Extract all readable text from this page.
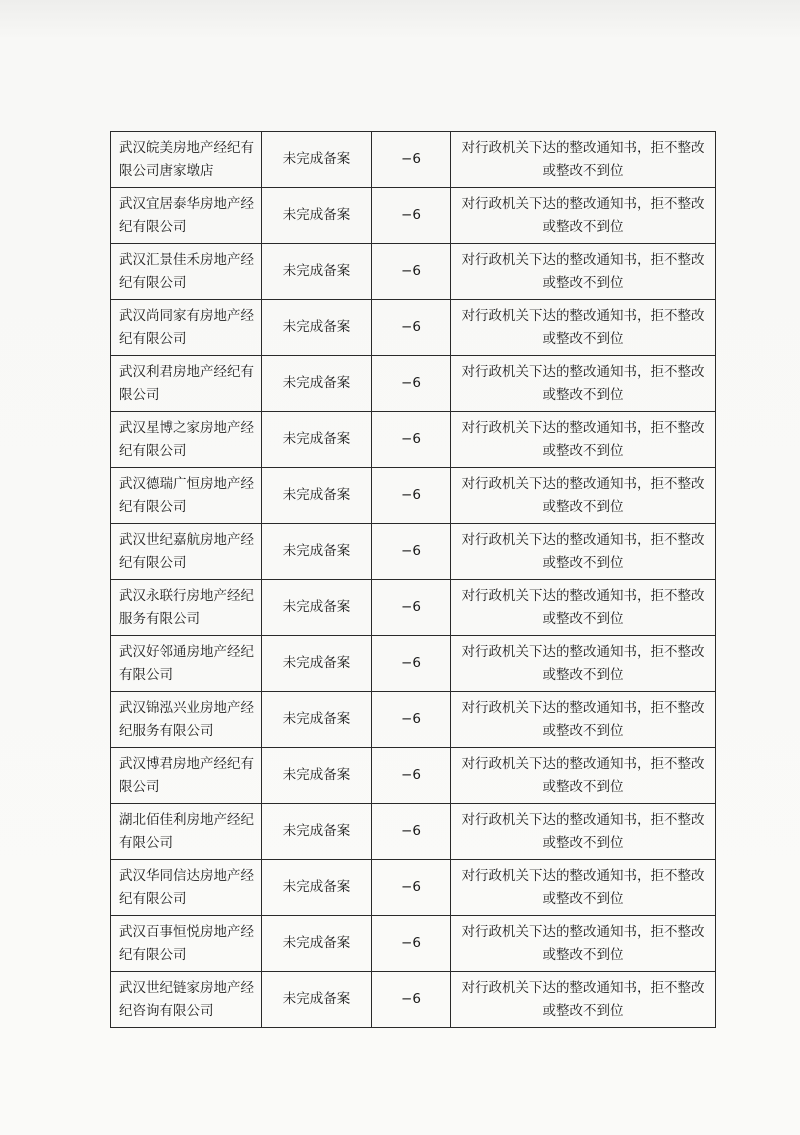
武汉皖美房地产经纪有限公司唐家墩店	未完成备案	−6	对行政机关下达的整改通知书，拒不整改或整改不到位
武汉宜居泰华房地产经纪有限公司	未完成备案	−6	对行政机关下达的整改通知书，拒不整改或整改不到位
武汉汇景佳禾房地产经纪有限公司	未完成备案	−6	对行政机关下达的整改通知书，拒不整改或整改不到位
武汉尚同家有房地产经纪有限公司	未完成备案	−6	对行政机关下达的整改通知书，拒不整改或整改不到位
武汉利君房地产经纪有限公司	未完成备案	−6	对行政机关下达的整改通知书，拒不整改或整改不到位
武汉星博之家房地产经纪有限公司	未完成备案	−6	对行政机关下达的整改通知书，拒不整改或整改不到位
武汉德瑞广恒房地产经纪有限公司	未完成备案	−6	对行政机关下达的整改通知书，拒不整改或整改不到位
武汉世纪嘉航房地产经纪有限公司	未完成备案	−6	对行政机关下达的整改通知书，拒不整改或整改不到位
武汉永联行房地产经纪服务有限公司	未完成备案	−6	对行政机关下达的整改通知书，拒不整改或整改不到位
武汉好邻通房地产经纪有限公司	未完成备案	−6	对行政机关下达的整改通知书，拒不整改或整改不到位
武汉锦泓兴业房地产经纪服务有限公司	未完成备案	−6	对行政机关下达的整改通知书，拒不整改或整改不到位
武汉博君房地产经纪有限公司	未完成备案	−6	对行政机关下达的整改通知书，拒不整改或整改不到位
湖北佰佳利房地产经纪有限公司	未完成备案	−6	对行政机关下达的整改通知书，拒不整改或整改不到位
武汉华同信达房地产经纪有限公司	未完成备案	−6	对行政机关下达的整改通知书，拒不整改或整改不到位
武汉百事恒悦房地产经纪有限公司	未完成备案	−6	对行政机关下达的整改通知书，拒不整改或整改不到位
武汉世纪链家房地产经纪咨询有限公司	未完成备案	−6	对行政机关下达的整改通知书，拒不整改或整改不到位
